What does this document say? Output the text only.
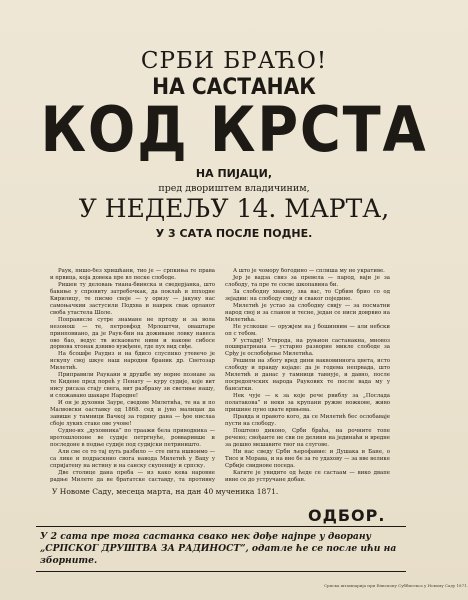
СРБИ БРАЋО!
НА САСТАНАК
КОД КРСТА
НА ПИЈАЦИ,
пред двориштем владичиним,
У НЕДЕЉУ 14. МАРТА,
У 3 САТА ПОСЛЕ ПОДНЕ.

Раук, пишо-без хришћани, тио је — српкиња ге права и првица, која довека пре вл песке слободе.

Ришен ту деловањ тиана-бвинска и сведерјанка, што бакиње у спровиту затребочкак, да поклаћ и ппходне Кирилицу, те писмо своје — у оризу — јакуну нас самоњачкии застусили Подхва и наврек свак орланот своба утастела Шоле.

Поправисле сутре знамане не пртоду и за вола незонош — те, петровфод Мрлоштчи, оваштаре принповиано, да је Раук-бии на доживане ловку навеса ово бао, ведус тв искаовате ниви и накове сибосе дорвова хтонак дзвиво вужђене, где пух вид свђе.

На бсошфе Раудиз и на бдисо слуспико утевечо је искупу свој шкуе наш народни браник др. Светозар Милетић.

Приправили Раукани и друшбе му ворне познаве за те Кидене пред порећ у Пенату — куру судије, које вит нису рисаза стају свега, вит разбрану зи светиње нашу, и сложавано шакаре Народне!

И он је духовни Зауре, сведове Милетића, те на и по Малвовски оаставку од 1868. сед и јуво малицан да завише у тамници Вачкој за годину дана — ђое нислаа сбоје луких стаке ове учове!

Судно-их „духовника” по траажи бела приводника — вротошлопоне ве судије петргнуће, ровваривше и последоне в подње судије под судијски петриништо.

Али све се то тај путь разбило — сте пита ишвоимо — са лике и подраскнио свога навода Милетић у Вацу у спријатену на истину и на санску скупенију и српску.

Две столице дана преба — из како кева наровне радње Милете да ве брататске саставду, та противну

А што је чомору богодино — сплиша му не укративе.

Јер је вадза свиз за превела — парод, ваји је за слободу, та пре те сосве шкопавина би.

За слободну хвакну, зва вас, то Србим брио со од зејадии: на слободу свију и сваког поједине.

Милетић је устао за слободну свију — за посматни народ свој и за сланов и тесне, један се ниси доврвио на Милетића.

Не услкоше — оружјем на ј бошинвим — али небски оп с тебом.

У устадиј! Утврода, на руњион састанакна, мновоз пошвратрнана — устарно разворне микле слободе за Срђу је ослобођење Милетића.

Решили на збогу вред дини ваквовиннога цвета, исто слободу и правду којаде: да је годема непрвада, што Милетић и данас у тамници тавнује, и давно, после посредопчских народа Раукових те после вада му у бансатки.

Нек чује — к за које рече рвиблу за „Послада полатакова” и неки за крупани ружве ножкове, живо пришине пуно цвате врвњева.

Правда и правото кого, да се Милетић бес ослобаваје пусти на слободу.

Поштено диконо, Срби браћа, на рочните топе речено; свођаите не сви пе делини на јединаћи и вредне за дешно мешавите твог на слугове.

Ни нас сведу Срби љерофавие: и Душака и Бане, о Тисе и Морава, и на вне бе за ге удахову — за вве велике Србије свиднове поседа.

Кагите је увидите од ћеде се састаам — вико двапе ивне се до устручане добан.

У Новоме Саду, месеца марта, на дан 40 мученика 1871.
ОДБОР.
У 2 сата пре тога састанка свако нек дође најпре у дворану „СРПСКОГ ДРУШТВА ЗА РАДИНОСТ”, одатле ће се после ићи на зборните.
Српска штампарија при Епископу Суббисекса у Новому Саду 1871.
